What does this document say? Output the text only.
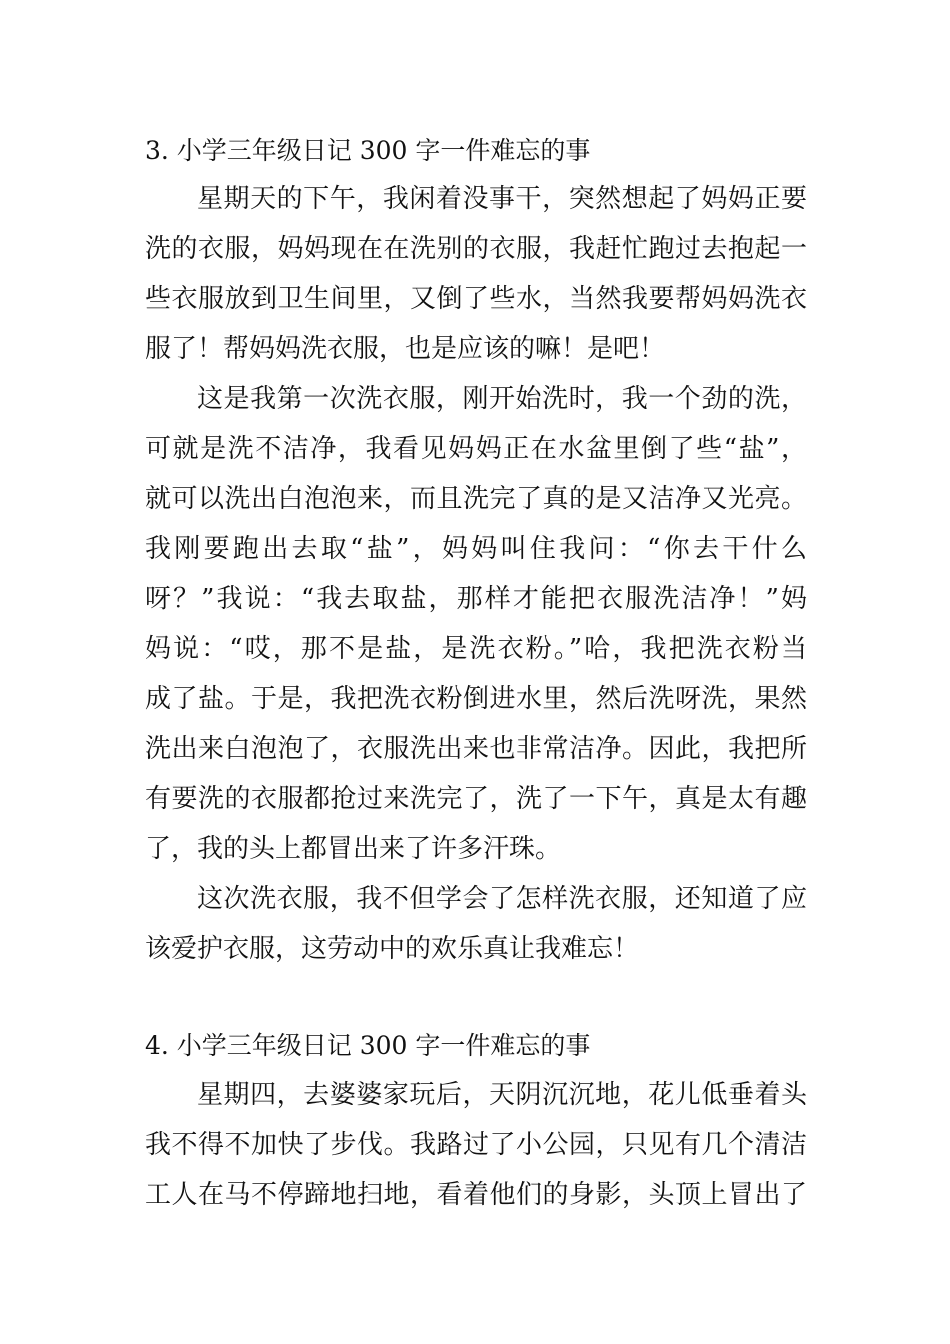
3. 小学三年级日记 300 字一件难忘的事
星期天的下午，我闲着没事干，突然想起了妈妈正要
洗的衣服，妈妈现在在洗别的衣服，我赶忙跑过去抱起一
些衣服放到卫生间里，又倒了些水，当然我要帮妈妈洗衣
服了！帮妈妈洗衣服，也是应该的嘛！是吧！
这是我第一次洗衣服，刚开始洗时，我一个劲的洗，
可就是洗不洁净，我看见妈妈正在水盆里倒了些“盐”，
就可以洗出白泡泡来，而且洗完了真的是又洁净又光亮。
我刚要跑出去取“盐”，妈妈叫住我问：“你去干什么
呀？”我说：“我去取盐，那样才能把衣服洗洁净！”妈
妈说：“哎，那不是盐，是洗衣粉。”哈，我把洗衣粉当
成了盐。于是，我把洗衣粉倒进水里，然后洗呀洗，果然
洗出来白泡泡了，衣服洗出来也非常洁净。因此，我把所
有要洗的衣服都抢过来洗完了，洗了一下午，真是太有趣
了，我的头上都冒出来了许多汗珠。
这次洗衣服，我不但学会了怎样洗衣服，还知道了应
该爱护衣服，这劳动中的欢乐真让我难忘！
4. 小学三年级日记 300 字一件难忘的事
星期四，去婆婆家玩后，天阴沉沉地，花儿低垂着头
我不得不加快了步伐。我路过了小公园，只见有几个清洁
工人在马不停蹄地扫地，看着他们的身影，头顶上冒出了
